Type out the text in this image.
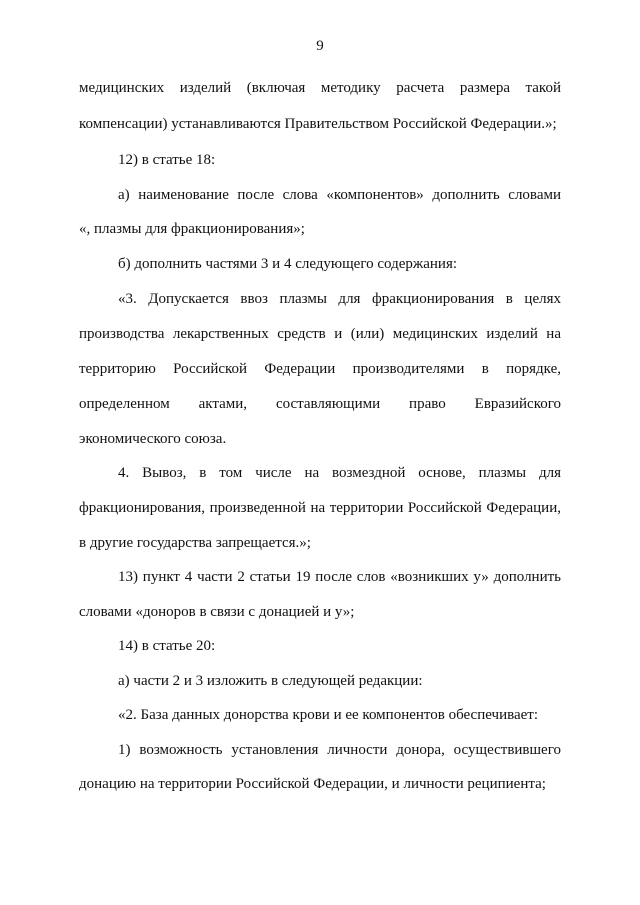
9
медицинских изделий (включая методику расчета размера такой
компенсации) устанавливаются Правительством Российской Федерации.»;
12) в статье 18:
а) наименование после слова «компонентов» дополнить словами
«, плазмы для фракционирования»;
б) дополнить частями 3 и 4 следующего содержания:
«3. Допускается ввоз плазмы для фракционирования в целях
производства лекарственных средств и (или) медицинских изделий на
территорию Российской Федерации производителями в порядке,
определенном актами, составляющими право Евразийского
экономического союза.
4. Вывоз, в том числе на возмездной основе, плазмы для
фракционирования, произведенной на территории Российской Федерации,
в другие государства запрещается.»;
13) пункт 4 части 2 статьи 19 после слов «возникших у» дополнить
словами «доноров в связи с донацией и у»;
14) в статье 20:
а) части 2 и 3 изложить в следующей редакции:
«2. База данных донорства крови и ее компонентов обеспечивает:
1) возможность установления личности донора, осуществившего
донацию на территории Российской Федерации, и личности реципиента;
